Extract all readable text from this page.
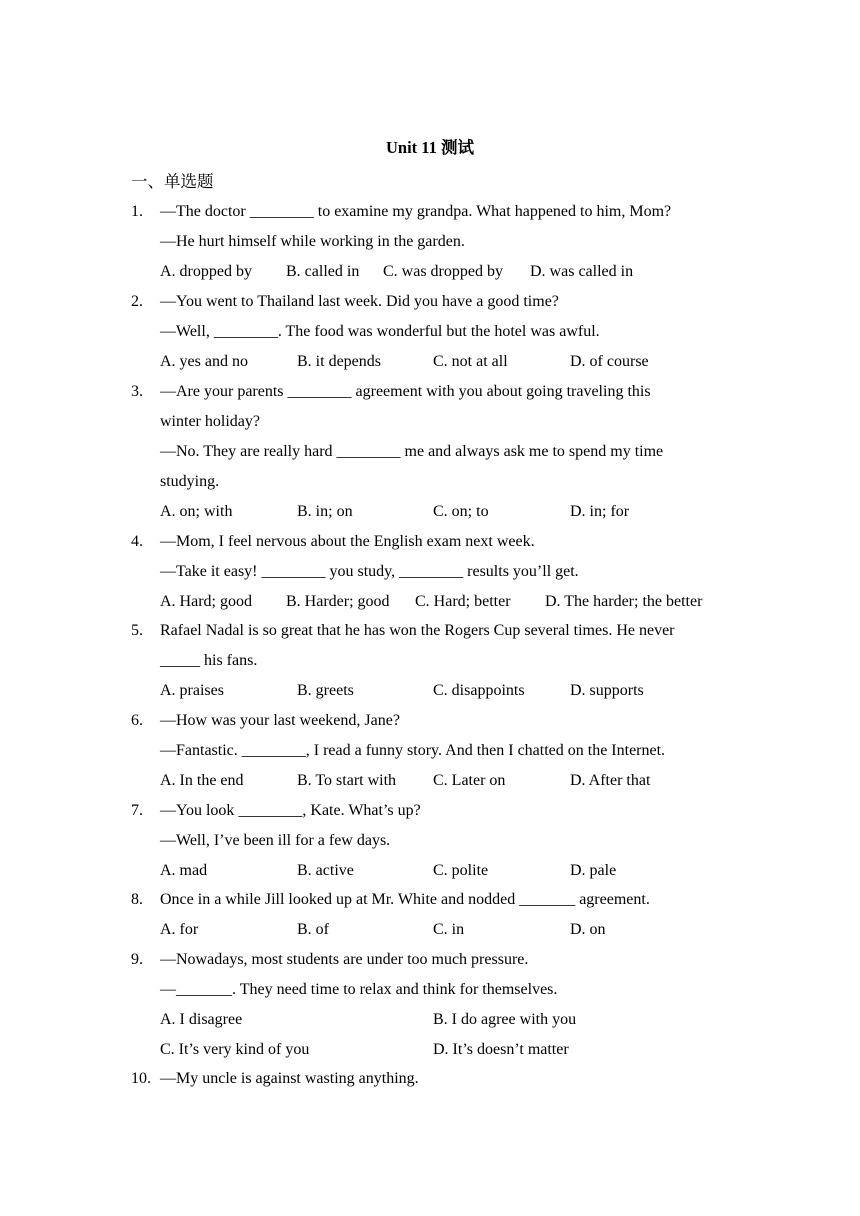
Unit 11 测试
一、单选题
1. —The doctor ________ to examine my grandpa. What happened to him, Mom?
—He hurt himself while working in the garden.
A. dropped by B. called in C. was dropped by D. was called in
2. —You went to Thailand last week. Did you have a good time?
—Well, ________. The food was wonderful but the hotel was awful.
A. yes and no	B. it depends	C. not at all	D. of course
3. —Are your parents ________ agreement with you about going traveling this
winter holiday?
—No. They are really hard ________ me and always ask me to spend my time
studying.
A. on; with	B. in; on	C. on; to	D. in; for
4. —Mom, I feel nervous about the English exam next week.
—Take it easy! ________ you study, ________ results you’ll get.
A. Hard; good B. Harder; good C. Hard; better D. The harder; the better
5. Rafael Nadal is so great that he has won the Rogers Cup several times. He never
_____ his fans.
A. praises	B. greets	C. disappoints	D. supports
6. —How was your last weekend, Jane?
—Fantastic. ________, I read a funny story. And then I chatted on the Internet.
A. In the end	B. To start with C. Later on	D. After that
7. —You look ________, Kate. What’s up?
—Well, I’ve been ill for a few days.
A. mad	B. active	C. polite	D. pale
8. Once in a while Jill looked up at Mr. White and nodded _______ agreement.
A. for	B. of	C. in	D. on
9. —Nowadays, most students are under too much pressure.
—_______. They need time to relax and think for themselves.
A. I disagree	B. I do agree with you
C. It’s very kind of you	D. It’s doesn’t matter
10. —My uncle is against wasting anything.
